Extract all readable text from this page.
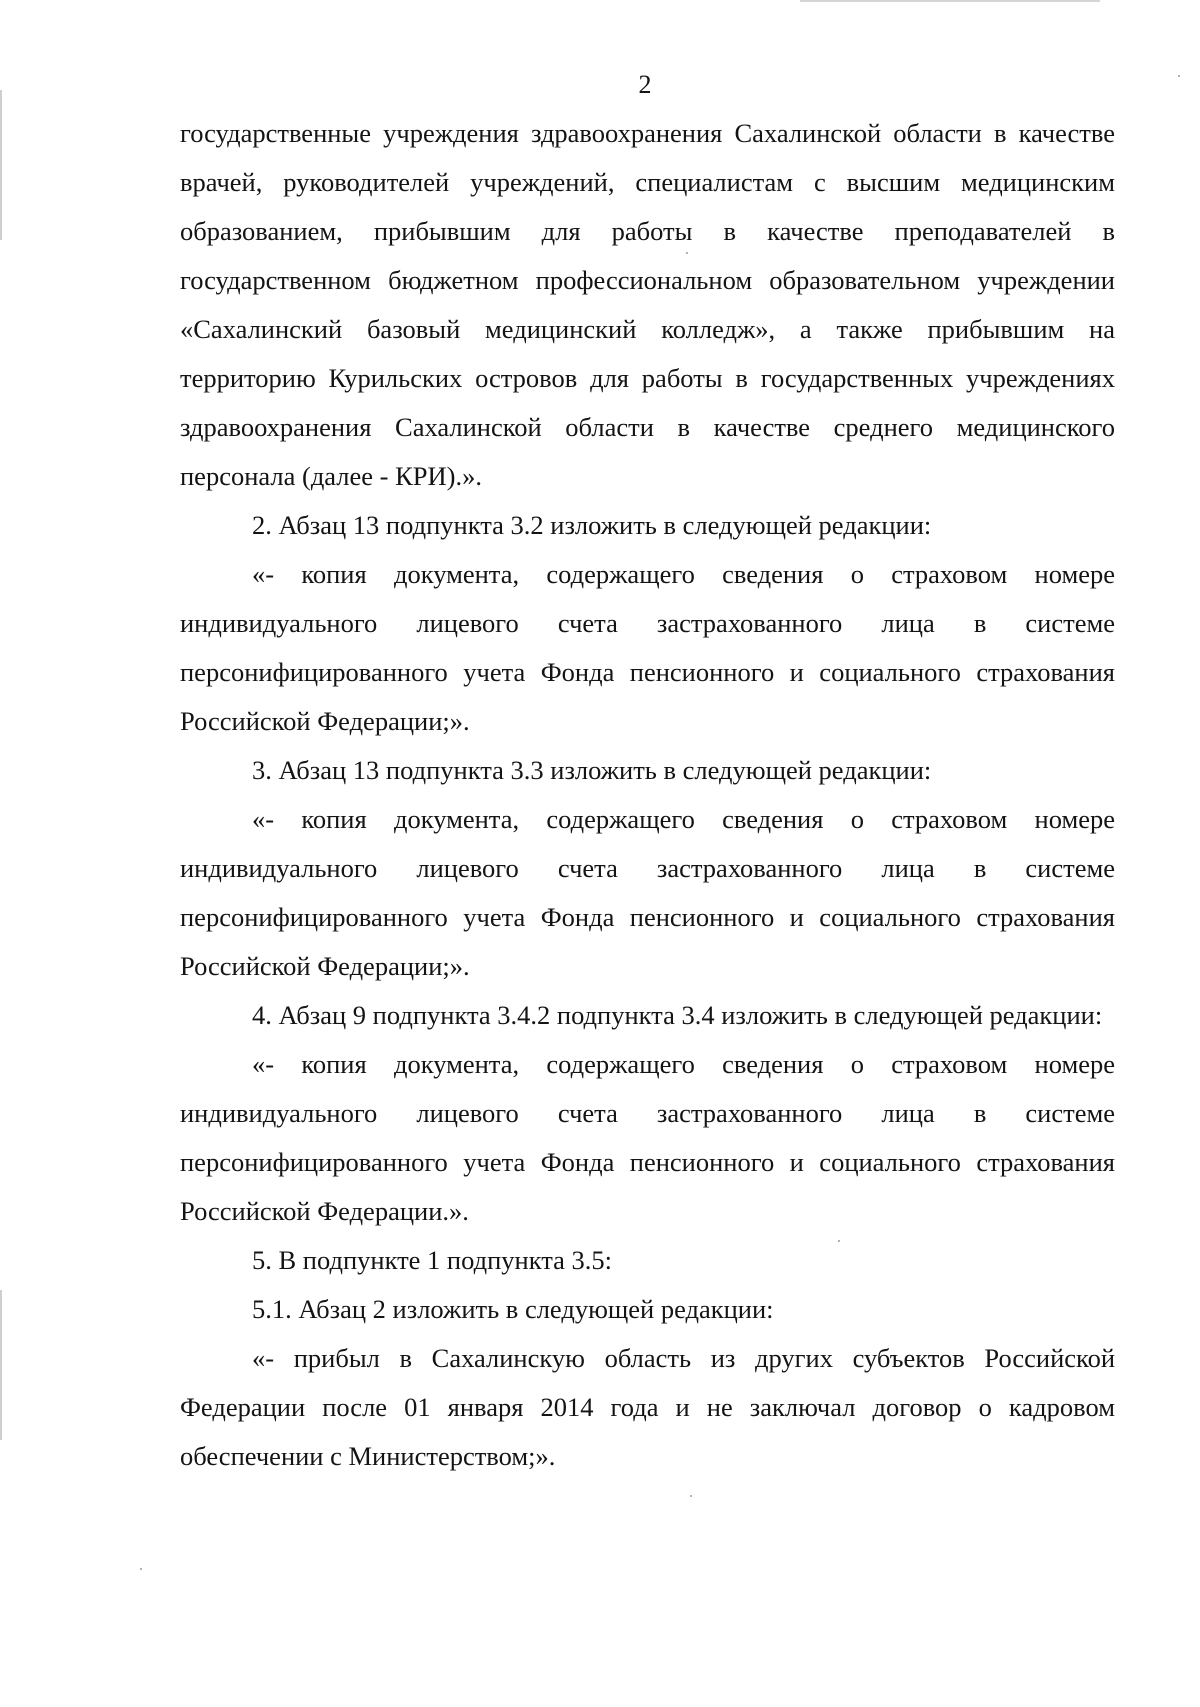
2

государственные учреждения здравоохранения Сахалинской области в качестве врачей, руководителей учреждений, специалистам с высшим медицинским образованием, прибывшим для работы в качестве преподавателей в государственном бюджетном профессиональном образовательном учреждении «Сахалинский базовый медицинский колледж», а также прибывшим на территорию Курильских островов для работы в государственных учреждениях здравоохранения Сахалинской области в качестве среднего медицинского персонала (далее - КРИ).».

2. Абзац 13 подпункта 3.2 изложить в следующей редакции:

«- копия документа, содержащего сведения о страховом номере индивидуального лицевого счета застрахованного лица в системе персонифицированного учета Фонда пенсионного и социального страхования Российской Федерации;».

3. Абзац 13 подпункта 3.3 изложить в следующей редакции:

«- копия документа, содержащего сведения о страховом номере индивидуального лицевого счета застрахованного лица в системе персонифицированного учета Фонда пенсионного и социального страхования Российской Федерации;».

4. Абзац 9 подпункта 3.4.2 подпункта 3.4 изложить в следующей редакции:

«- копия документа, содержащего сведения о страховом номере индивидуального лицевого счета застрахованного лица в системе персонифицированного учета Фонда пенсионного и социального страхования Российской Федерации.».

5. В подпункте 1 подпункта 3.5:

5.1. Абзац 2 изложить в следующей редакции:

«- прибыл в Сахалинскую область из других субъектов Российской Федерации после 01 января 2014 года и не заключал договор о кадровом обеспечении с Министерством;».
